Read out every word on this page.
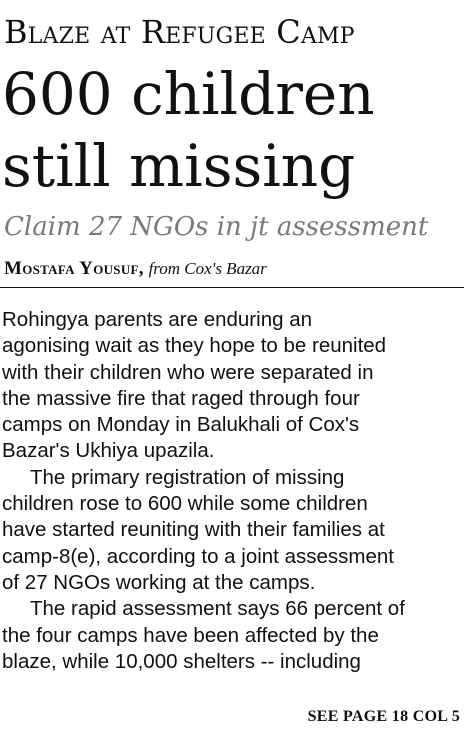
Blaze at Refugee Camp
600 children
still missing
Claim 27 NGOs in jt assessment
Mostafa Yousuf, from Cox's Bazar
Rohingya parents are enduring an
agonising wait as they hope to be reunited
with their children who were separated in
the massive fire that raged through four
camps on Monday in Balukhali of Cox's
Bazar's Ukhiya upazila.
The primary registration of missing
children rose to 600 while some children
have started reuniting with their families at
camp-8(e), according to a joint assessment
of 27 NGOs working at the camps.
The rapid assessment says 66 percent of
the four camps have been affected by the
blaze, while 10,000 shelters -- including
SEE PAGE 18 COL 5
